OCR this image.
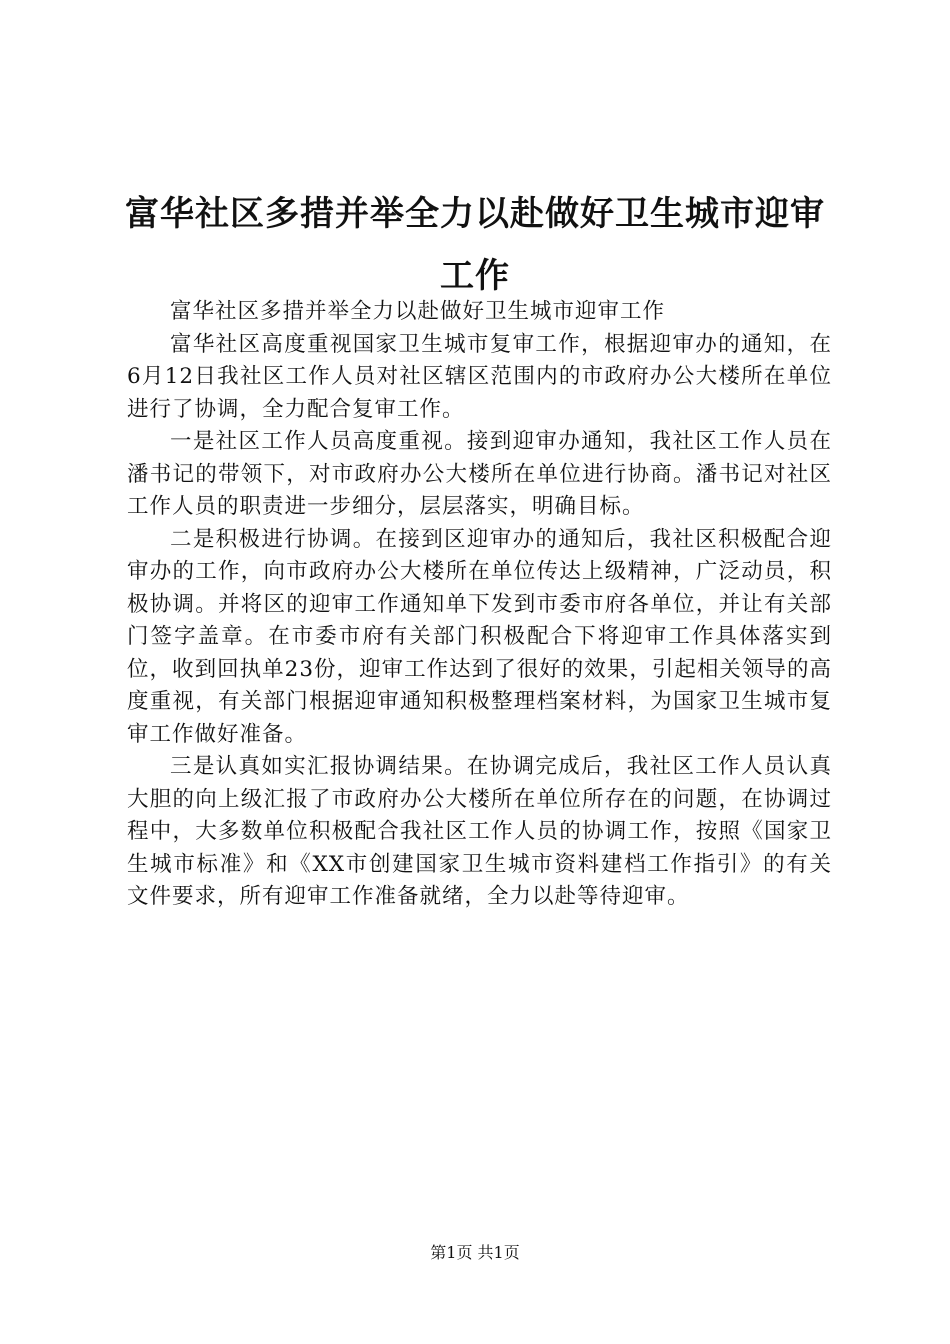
富华社区多措并举全力以赴做好卫生城市迎审工作

富华社区多措并举全力以赴做好卫生城市迎审工作

富华社区高度重视国家卫生城市复审工作，根据迎审办的通知，在6月12日我社区工作人员对社区辖区范围内的市政府办公大楼所在单位进行了协调，全力配合复审工作。

一是社区工作人员高度重视。接到迎审办通知，我社区工作人员在潘书记的带领下，对市政府办公大楼所在单位进行协商。潘书记对社区工作人员的职责进一步细分，层层落实，明确目标。

二是积极进行协调。在接到区迎审办的通知后，我社区积极配合迎审办的工作，向市政府办公大楼所在单位传达上级精神，广泛动员，积极协调。并将区的迎审工作通知单下发到市委市府各单位，并让有关部门签字盖章。在市委市府有关部门积极配合下将迎审工作具体落实到位，收到回执单23份，迎审工作达到了很好的效果，引起相关领导的高度重视，有关部门根据迎审通知积极整理档案材料，为国家卫生城市复审工作做好准备。

三是认真如实汇报协调结果。在协调完成后，我社区工作人员认真大胆的向上级汇报了市政府办公大楼所在单位所存在的问题，在协调过程中，大多数单位积极配合我社区工作人员的协调工作，按照《国家卫生城市标准》和《XX市创建国家卫生城市资料建档工作指引》的有关文件要求，所有迎审工作准备就绪，全力以赴等待迎审。

第1页 共1页
